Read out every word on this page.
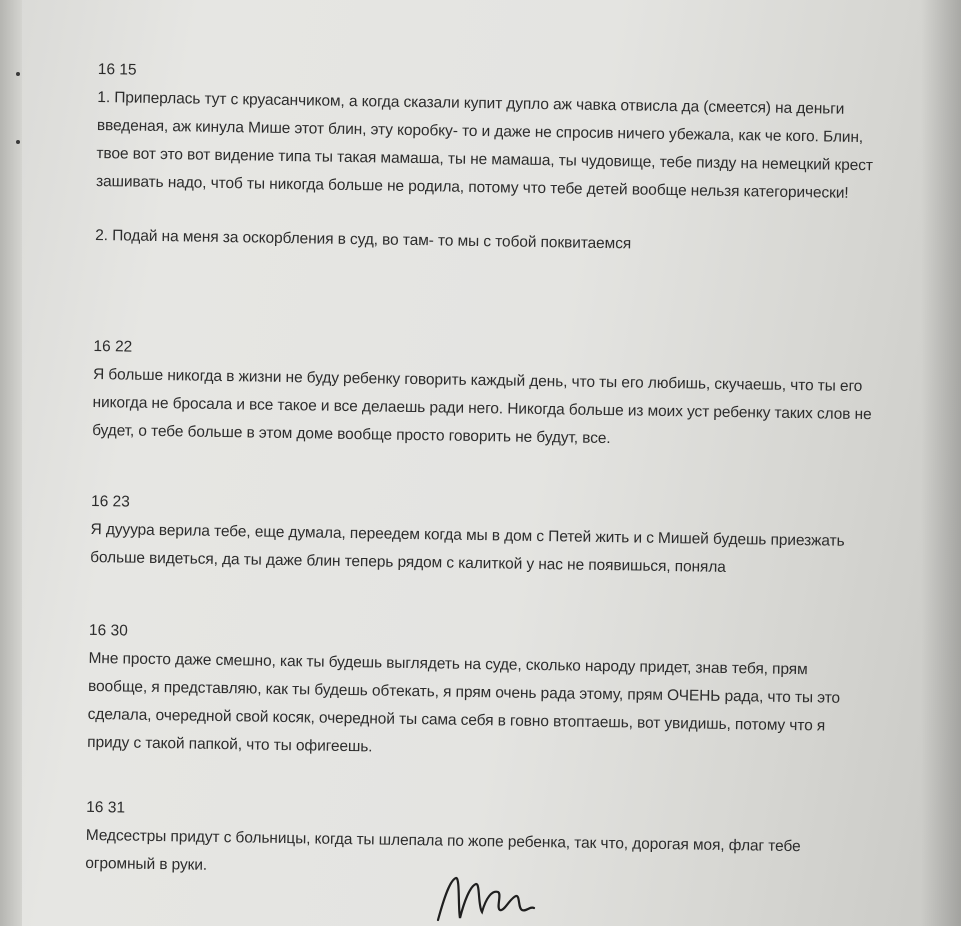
16 15

1. Приперлась тут с круасанчиком, а когда сказали купит дупло аж чавка отвисла да (смеется) на деньги введеная, аж кинула Мише этот блин, эту коробку- то и даже не спросив ничего убежала, как че кого. Блин, твое вот это вот видение типа ты такая мамаша, ты не мамаша, ты чудовище, тебе пизду на немецкий крест зашивать надо, чтоб ты никогда больше не родила, потому что тебе детей вообще нельзя категорически!

2. Подай на меня за оскорбления в суд, во там- то мы с тобой поквитаемся

16 22

Я больше никогда в жизни не буду ребенку говорить каждый день, что ты его любишь, скучаешь, что ты его никогда не бросала и все такое и все делаешь ради него. Никогда больше из моих уст ребенку таких слов не будет, о тебе больше в этом доме вообще просто говорить не будут, все.

16 23

Я дууура верила тебе, еще думала, переедем когда мы в дом с Петей жить и с Мишей будешь приезжать больше видеться, да ты даже блин теперь рядом с калиткой у нас не появишься, поняла

16 30

Мне просто даже смешно, как ты будешь выглядеть на суде, сколько народу придет, знав тебя, прям вообще, я представляю, как ты будешь обтекать, я прям очень рада этому, прям ОЧЕНЬ рада, что ты это сделала, очередной свой косяк, очередной ты сама себя в говно втоптаешь, вот увидишь, потому что я приду с такой папкой, что ты офигеешь.

16 31

Медсестры придут с больницы, когда ты шлепала по жопе ребенка, так что, дорогая моя, флаг тебе огромный в руки.
